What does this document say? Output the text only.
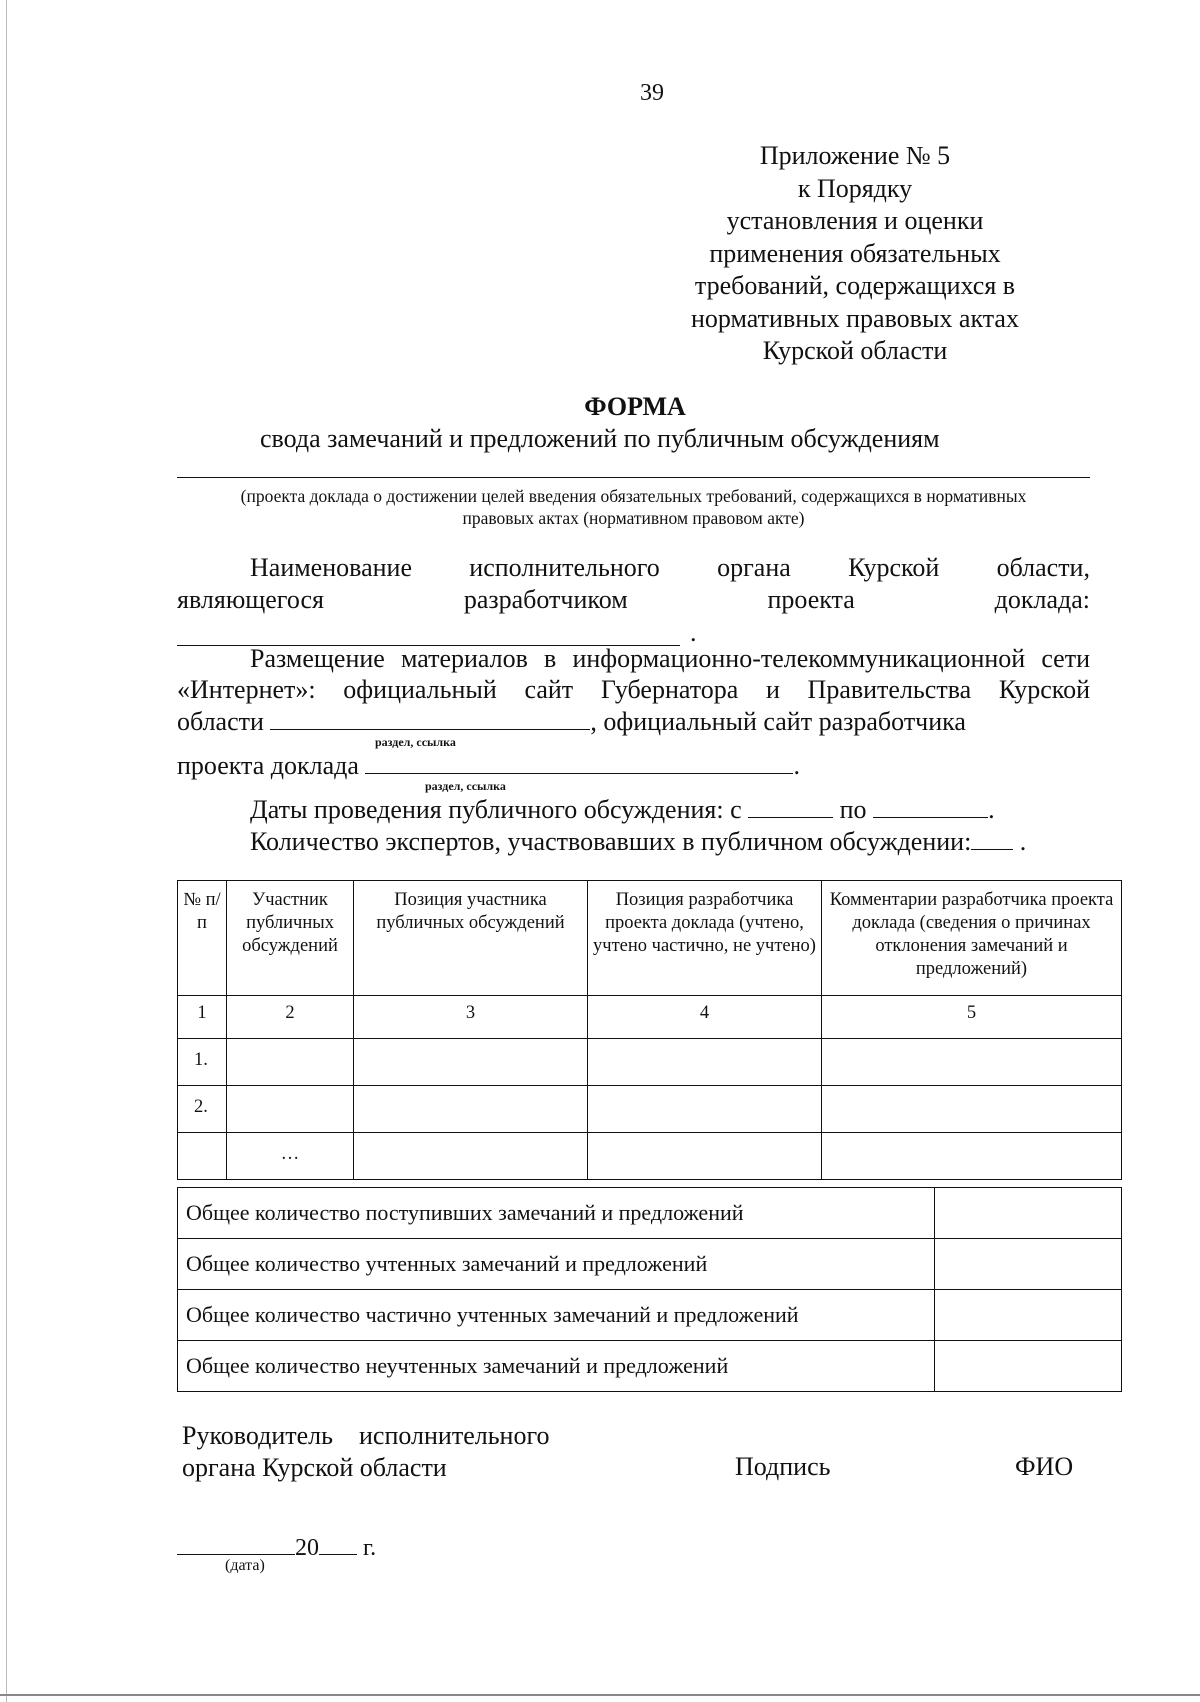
39
Приложение № 5
к Порядку
установления и оценки
применения обязательных
требований, содержащихся в
нормативных правовых актах
Курской области
ФОРМА
свода замечаний и предложений по публичным обсуждениям
(проекта доклада о достижении целей введения обязательных требований, содержащихся в нормативных
правовых актах (нормативном правовом акте)
Наименование исполнительного органа Курской области,
являющегося	разработчиком	проекта	доклада:
.
Размещение материалов в информационно-телекоммуникационной сети «Интернет»: официальный сайт Губернатора и Правительства Курской
области	, официальный сайт разработчика
раздел, ссылка
проекта доклада	.
раздел, ссылка
Даты проведения публичного обсуждения: с	по	.
Количество экспертов, участвовавших в публичном обсуждении: .
№ п/п	Участник публичных обсуждений	Позиция участника публичных обсуждений	Позиция разработчика проекта доклада (учтено, учтено частично, не учтено)	Комментарии разработчика проекта доклада (сведения о причинах отклонения замечаний и предложений)
1	2	3	4	5
1.				
2.				
	…			
Общее количество поступивших замечаний и предложений	
Общее количество учтенных замечаний и предложений	
Общее количество частично учтенных замечаний и предложений	
Общее количество неучтенных замечаний и предложений	
Руководитель    исполнительного
органа Курской области	Подпись	ФИО
20 г.
(дата)
